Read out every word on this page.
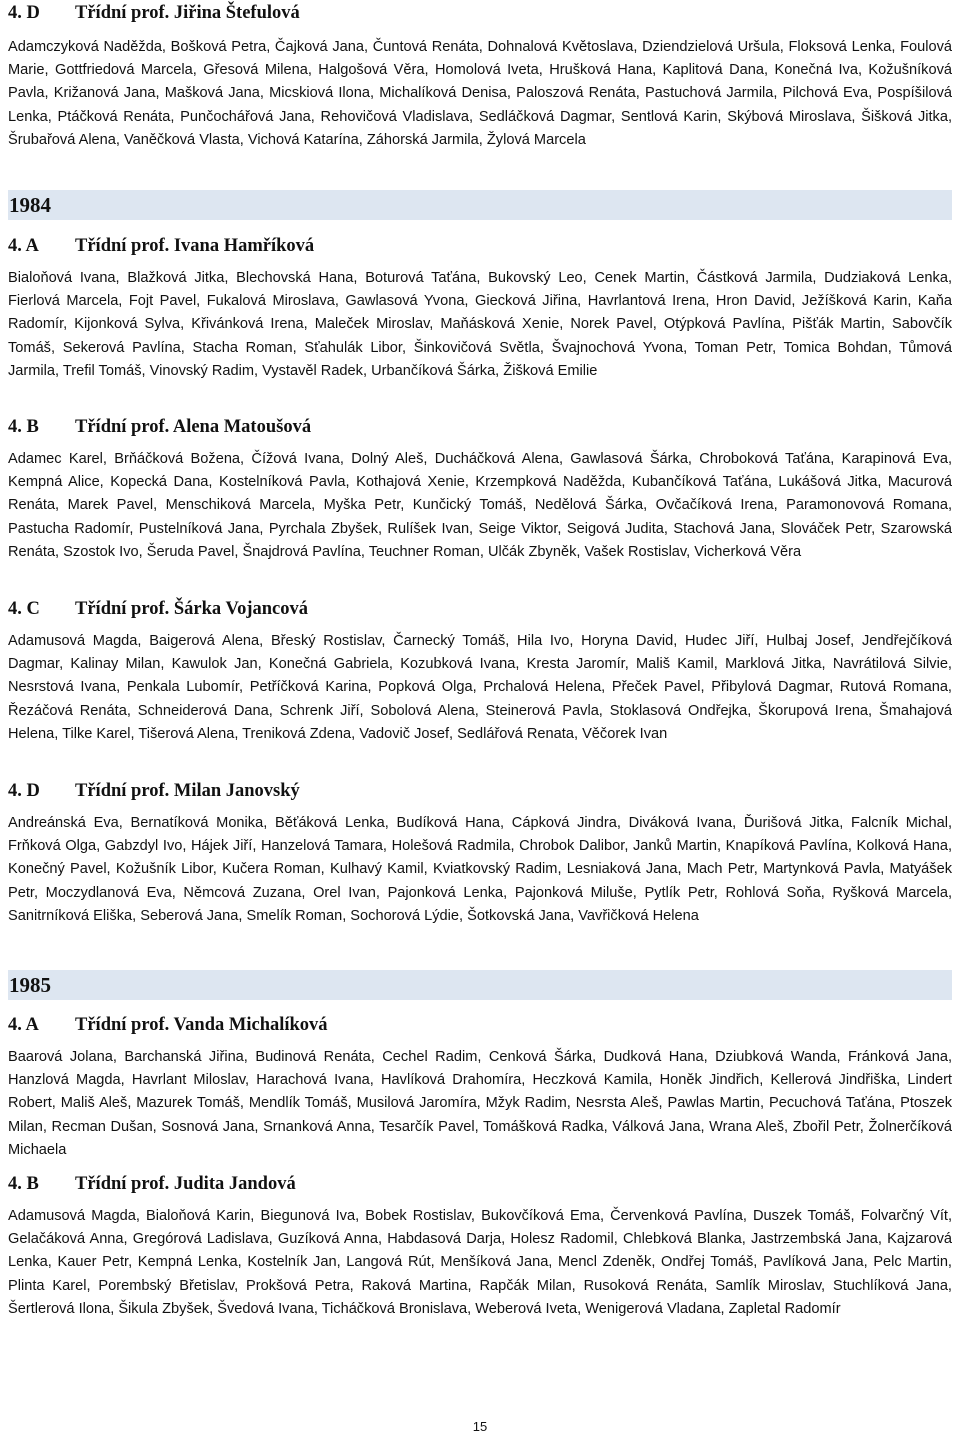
4. D	Třídní prof. Jiřina Štefulová
Adamczyková Naděžda, Bošková Petra, Čajková Jana, Čuntová Renáta, Dohnalová Květoslava, Dziendzielová Uršula, Floksová Lenka, Foulová Marie, Gottfriedová Marcela, Gřesová Milena, Halgošová Věra, Homolová Iveta, Hrušková Hana, Kaplitová Dana, Konečná Iva, Kožušníková Pavla, Križanová Jana, Mašková Jana, Micskiová Ilona, Michalíková Denisa, Paloszová Renáta, Pastuchová Jarmila, Pilchová Eva, Pospíšilová Lenka, Ptáčková Renáta, Punčochářová Jana, Rehovičová Vladislava, Sedláčková Dagmar, Sentlová Karin, Skýbová Miroslava, Šišková Jitka, Šrubařová Alena, Vaněčková Vlasta, Vichová Katarína, Záhorská Jarmila, Žylová Marcela
1984
4. A	Třídní prof. Ivana Hamříková
Bialoňová Ivana, Blažková Jitka, Blechovská Hana, Boturová Taťána, Bukovský Leo, Cenek Martin, Částková Jarmila, Dudziaková Lenka, Fierlová Marcela, Fojt Pavel, Fukalová Miroslava, Gawlasová Yvona, Giecková Jiřina, Havrlantová Irena, Hron David, Ježíšková Karin, Kaňa Radomír, Kijonková Sylva, Křivánková Irena, Maleček Miroslav, Maňásková Xenie, Norek Pavel, Otýpková Pavlína, Pišťák Martin, Sabovčík Tomáš, Sekerová Pavlína, Stacha Roman, Sťahulák Libor, Šinkovičová Světla, Švajnochová Yvona, Toman Petr, Tomica Bohdan, Tůmová Jarmila, Trefil Tomáš, Vinovský Radim, Vystavěl Radek, Urbančíková Šárka, Žišková Emilie
4. B	Třídní prof. Alena Matoušová
Adamec Karel, Brňáčková Božena, Čížová Ivana, Dolný Aleš, Ducháčková Alena, Gawlasová Šárka, Chroboková Taťána, Karapinová Eva, Kempná Alice, Kopecká Dana, Kostelníková Pavla, Kothajová Xenie, Krzempková Naděžda, Kubančíková Taťána, Lukášová Jitka, Macurová Renáta, Marek Pavel, Menschiková Marcela, Myška Petr, Kunčický Tomáš, Nedělová Šárka, Ovčačíková Irena, Paramonovová Romana, Pastucha Radomír, Pustelníková Jana, Pyrchala Zbyšek, Rulíšek Ivan, Seige Viktor, Seigová Judita, Stachová Jana, Slováček Petr, Szarowská Renáta, Szostok Ivo, Šeruda Pavel, Šnajdrová Pavlína, Teuchner Roman, Ulčák Zbyněk, Vašek Rostislav, Vicherková Věra
4. C	Třídní prof. Šárka Vojancová
Adamusová Magda, Baigerová Alena, Břeský Rostislav, Čarnecký Tomáš, Hila Ivo, Horyna David, Hudec Jiří, Hulbaj Josef, Jendřejčíková Dagmar, Kalinay Milan, Kawulok Jan, Konečná Gabriela, Kozubková Ivana, Kresta Jaromír, Mališ Kamil, Marklová Jitka, Navrátilová Silvie, Nesrstová Ivana, Penkala Lubomír, Petříčková Karina, Popková Olga, Prchalová Helena, Přeček Pavel, Přibylová Dagmar, Rutová Romana, Řezáčová Renáta, Schneiderová Dana, Schrenk Jiří, Sobolová Alena, Steinerová Pavla, Stoklasová Ondřejka, Škorupová Irena, Šmahajová Helena, Tilke Karel, Tišerová Alena, Treniková Zdena, Vadovič Josef, Sedlářová Renata, Věčorek Ivan
4. D	Třídní prof. Milan Janovský
Andreánská Eva, Bernatíková Monika, Běťáková Lenka, Budíková Hana, Cápková Jindra, Diváková Ivana, Ďurišová Jitka, Falcník Michal, Frňková Olga, Gabzdyl Ivo, Hájek Jiří, Hanzelová Tamara, Holešová Radmila, Chrobok Dalibor, Janků Martin, Knapíková Pavlína, Kolková Hana, Konečný Pavel, Kožušník Libor, Kučera Roman, Kulhavý Kamil, Kviatkovský Radim, Lesniaková Jana, Mach Petr, Martynková Pavla, Matyášek Petr, Moczydlanová Eva, Němcová Zuzana, Orel Ivan, Pajonková Lenka, Pajonková Miluše, Pytlík Petr, Rohlová Soňa, Ryšková Marcela, Sanitrníková Eliška, Seberová Jana, Smelík Roman, Sochorová Lýdie, Šotkovská Jana, Vavřičková Helena
1985
4. A	Třídní prof. Vanda Michalíková
Baarová Jolana, Barchanská Jiřina, Budinová Renáta, Cechel Radim, Cenková Šárka, Dudková Hana, Dziubková Wanda, Fránková Jana, Hanzlová Magda, Havrlant Miloslav, Harachová Ivana, Havlíková Drahomíra, Heczková Kamila, Honěk Jindřich, Kellerová Jindřiška, Lindert Robert, Mališ Aleš, Mazurek Tomáš, Mendlík Tomáš, Musilová Jaromíra, Mžyk Radim, Nesrsta Aleš, Pawlas Martin, Pecuchová Taťána, Ptoszek Milan, Recman Dušan, Sosnová Jana, Srnanková Anna, Tesarčík Pavel, Tomášková Radka, Válková Jana, Wrana Aleš, Zbořil Petr, Žolnerčíková Michaela
4. B	Třídní prof. Judita Jandová
Adamusová Magda, Bialoňová Karin, Biegunová Iva, Bobek Rostislav, Bukovčíková Ema, Červenková Pavlína, Duszek Tomáš, Folvarčný Vít, Gelačáková Anna, Gregórová Ladislava, Guzíková Anna, Habdasová Darja, Holesz Radomil, Chlebková Blanka, Jastrzembská Jana, Kajzarová Lenka, Kauer Petr, Kempná Lenka, Kostelník Jan, Langová Rút, Menšíková Jana, Mencl Zdeněk, Ondřej Tomáš, Pavlíková Jana, Pelc Martin, Plinta Karel, Porembský Břetislav, Prokšová Petra, Raková Martina, Rapčák Milan, Rusoková Renáta, Samlík Miroslav, Stuchlíková Jana, Šertlerová Ilona, Šikula Zbyšek, Švedová Ivana, Ticháčková Bronislava, Weberová Iveta, Wenigerová Vladana, Zapletal Radomír
15
